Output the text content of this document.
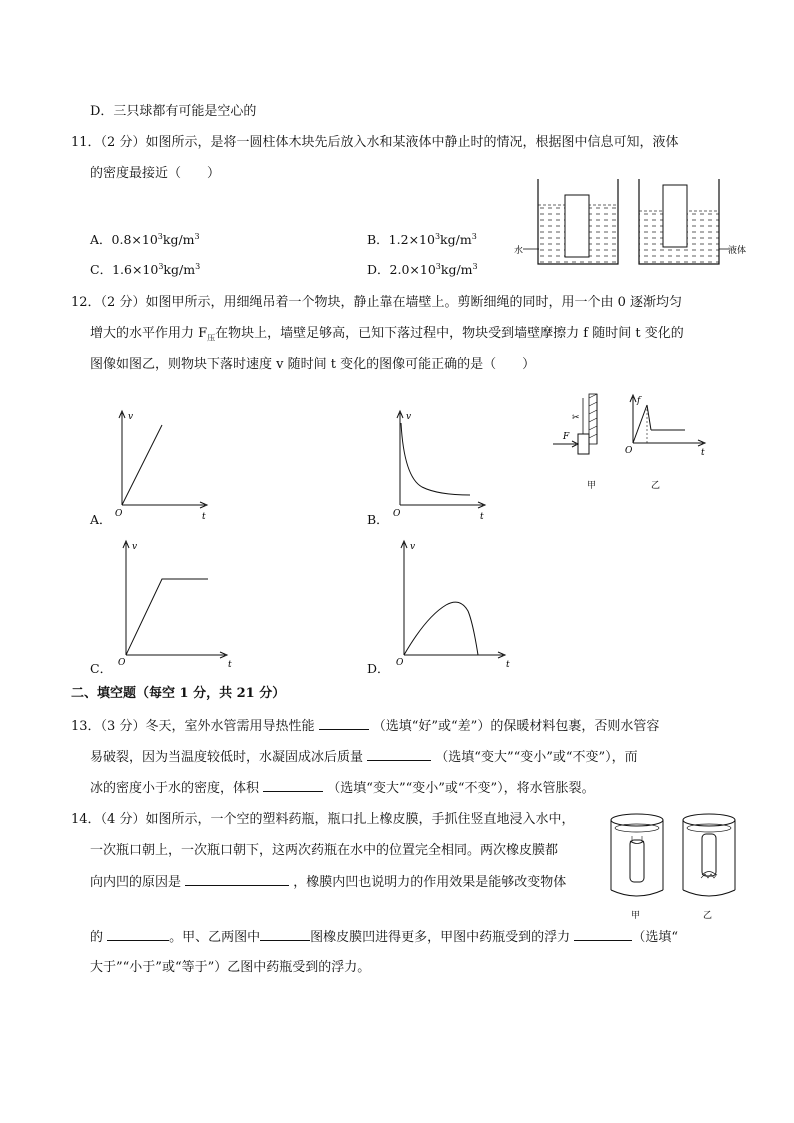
D．三只球都有可能是空心的
11．（2 分）如图所示，是将一圆柱体木块先后放入水和某液体中静止时的情况，根据图中信息可知，液体
的密度最接近（　　）
A．$0.8\times 10^3kg/m^3$	B．$1.2\times 10^3kg/m^3$
C．$1.6\times 10^3kg/m^3$	D．$2.0\times 10^3kg/m^3$
水	液体
12．（2 分）如图甲所示，用细绳吊着一个物块，静止靠在墙壁上。剪断细绳的同时，用一个由 0 逐渐均匀
增大的水平作用力 $F_压$在物块上，墙壁足够高，已知下落过程中，物块受到墙壁摩擦力 f 随时间 t 变化的
图像如图乙，则物块下落时速度 v 随时间 t 变化的图像可能正确的是（　　）
A．
v
t
O	B．
v
t
O
✂
F
甲
f
O	t
乙
C．
v
t
O	D．
v
t
O
二、填空题（每空 1 分，共 21 分）
13．（3 分）冬天，室外水管需用导热性能	（选填“好”或“差”）的保暖材料包裹，否则水管容
易破裂，因为当温度较低时，水凝固成冰后质量	（选填“变大”“变小”或“不变”），而
冰的密度小于水的密度，体积	（选填“变大”“变小”或“不变”），将水管胀裂。
14．（4 分）如图所示，一个空的塑料药瓶，瓶口扎上橡皮膜，手抓住竖直地浸入水中，
一次瓶口朝上，一次瓶口朝下，这两次药瓶在水中的位置完全相同。两次橡皮膜都
向内凹的原因是	，橡膜内凹也说明力的作用效果是能够改变物体
的	。甲、乙两图中	图橡皮膜凹进得更多，甲图中药瓶受到的浮力	（选填“
大于”“小于”或“等于”）乙图中药瓶受到的浮力。
甲	乙
